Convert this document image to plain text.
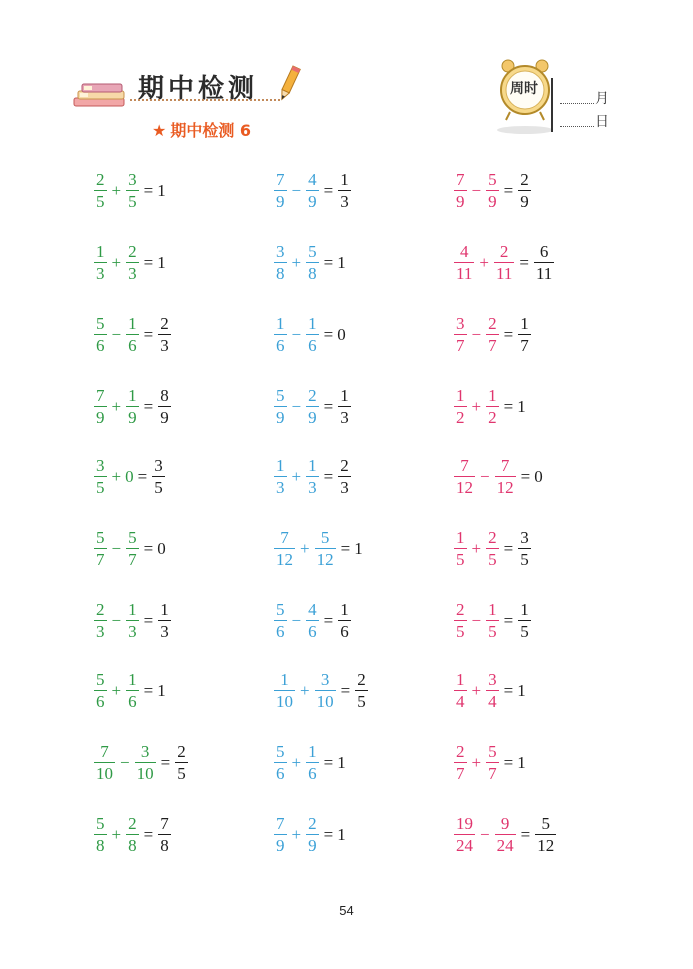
期中检测
★ 期中检测 6
周时
月
日
$\frac{2}{5} + \frac{3}{5} = 1$	$\frac{7}{9} - \frac{4}{9} = \frac{1}{3}$	$\frac{7}{9} - \frac{5}{9} = \frac{2}{9}$
$\frac{1}{3} + \frac{2}{3} = 1$	$\frac{3}{8} + \frac{5}{8} = 1$	$\frac{4}{11} + \frac{2}{11} = \frac{6}{11}$
$\frac{5}{6} - \frac{1}{6} = \frac{2}{3}$	$\frac{1}{6} - \frac{1}{6} = 0$	$\frac{3}{7} - \frac{2}{7} = \frac{1}{7}$
$\frac{7}{9} + \frac{1}{9} = \frac{8}{9}$	$\frac{5}{9} - \frac{2}{9} = \frac{1}{3}$	$\frac{1}{2} + \frac{1}{2} = 1$
$\frac{3}{5} + 0 = \frac{3}{5}$	$\frac{1}{3} + \frac{1}{3} = \frac{2}{3}$	$\frac{7}{12} - \frac{7}{12} = 0$
$\frac{5}{7} - \frac{5}{7} = 0$	$\frac{7}{12} + \frac{5}{12} = 1$	$\frac{1}{5} + \frac{2}{5} = \frac{3}{5}$
$\frac{2}{3} - \frac{1}{3} = \frac{1}{3}$	$\frac{5}{6} - \frac{4}{6} = \frac{1}{6}$	$\frac{2}{5} - \frac{1}{5} = \frac{1}{5}$
$\frac{5}{6} + \frac{1}{6} = 1$	$\frac{1}{10} + \frac{3}{10} = \frac{2}{5}$	$\frac{1}{4} + \frac{3}{4} = 1$
$\frac{7}{10} - \frac{3}{10} = \frac{2}{5}$	$\frac{5}{6} + \frac{1}{6} = 1$	$\frac{2}{7} + \frac{5}{7} = 1$
$\frac{5}{8} + \frac{2}{8} = \frac{7}{8}$	$\frac{7}{9} + \frac{2}{9} = 1$	$\frac{19}{24} - \frac{9}{24} = \frac{5}{12}$
54
